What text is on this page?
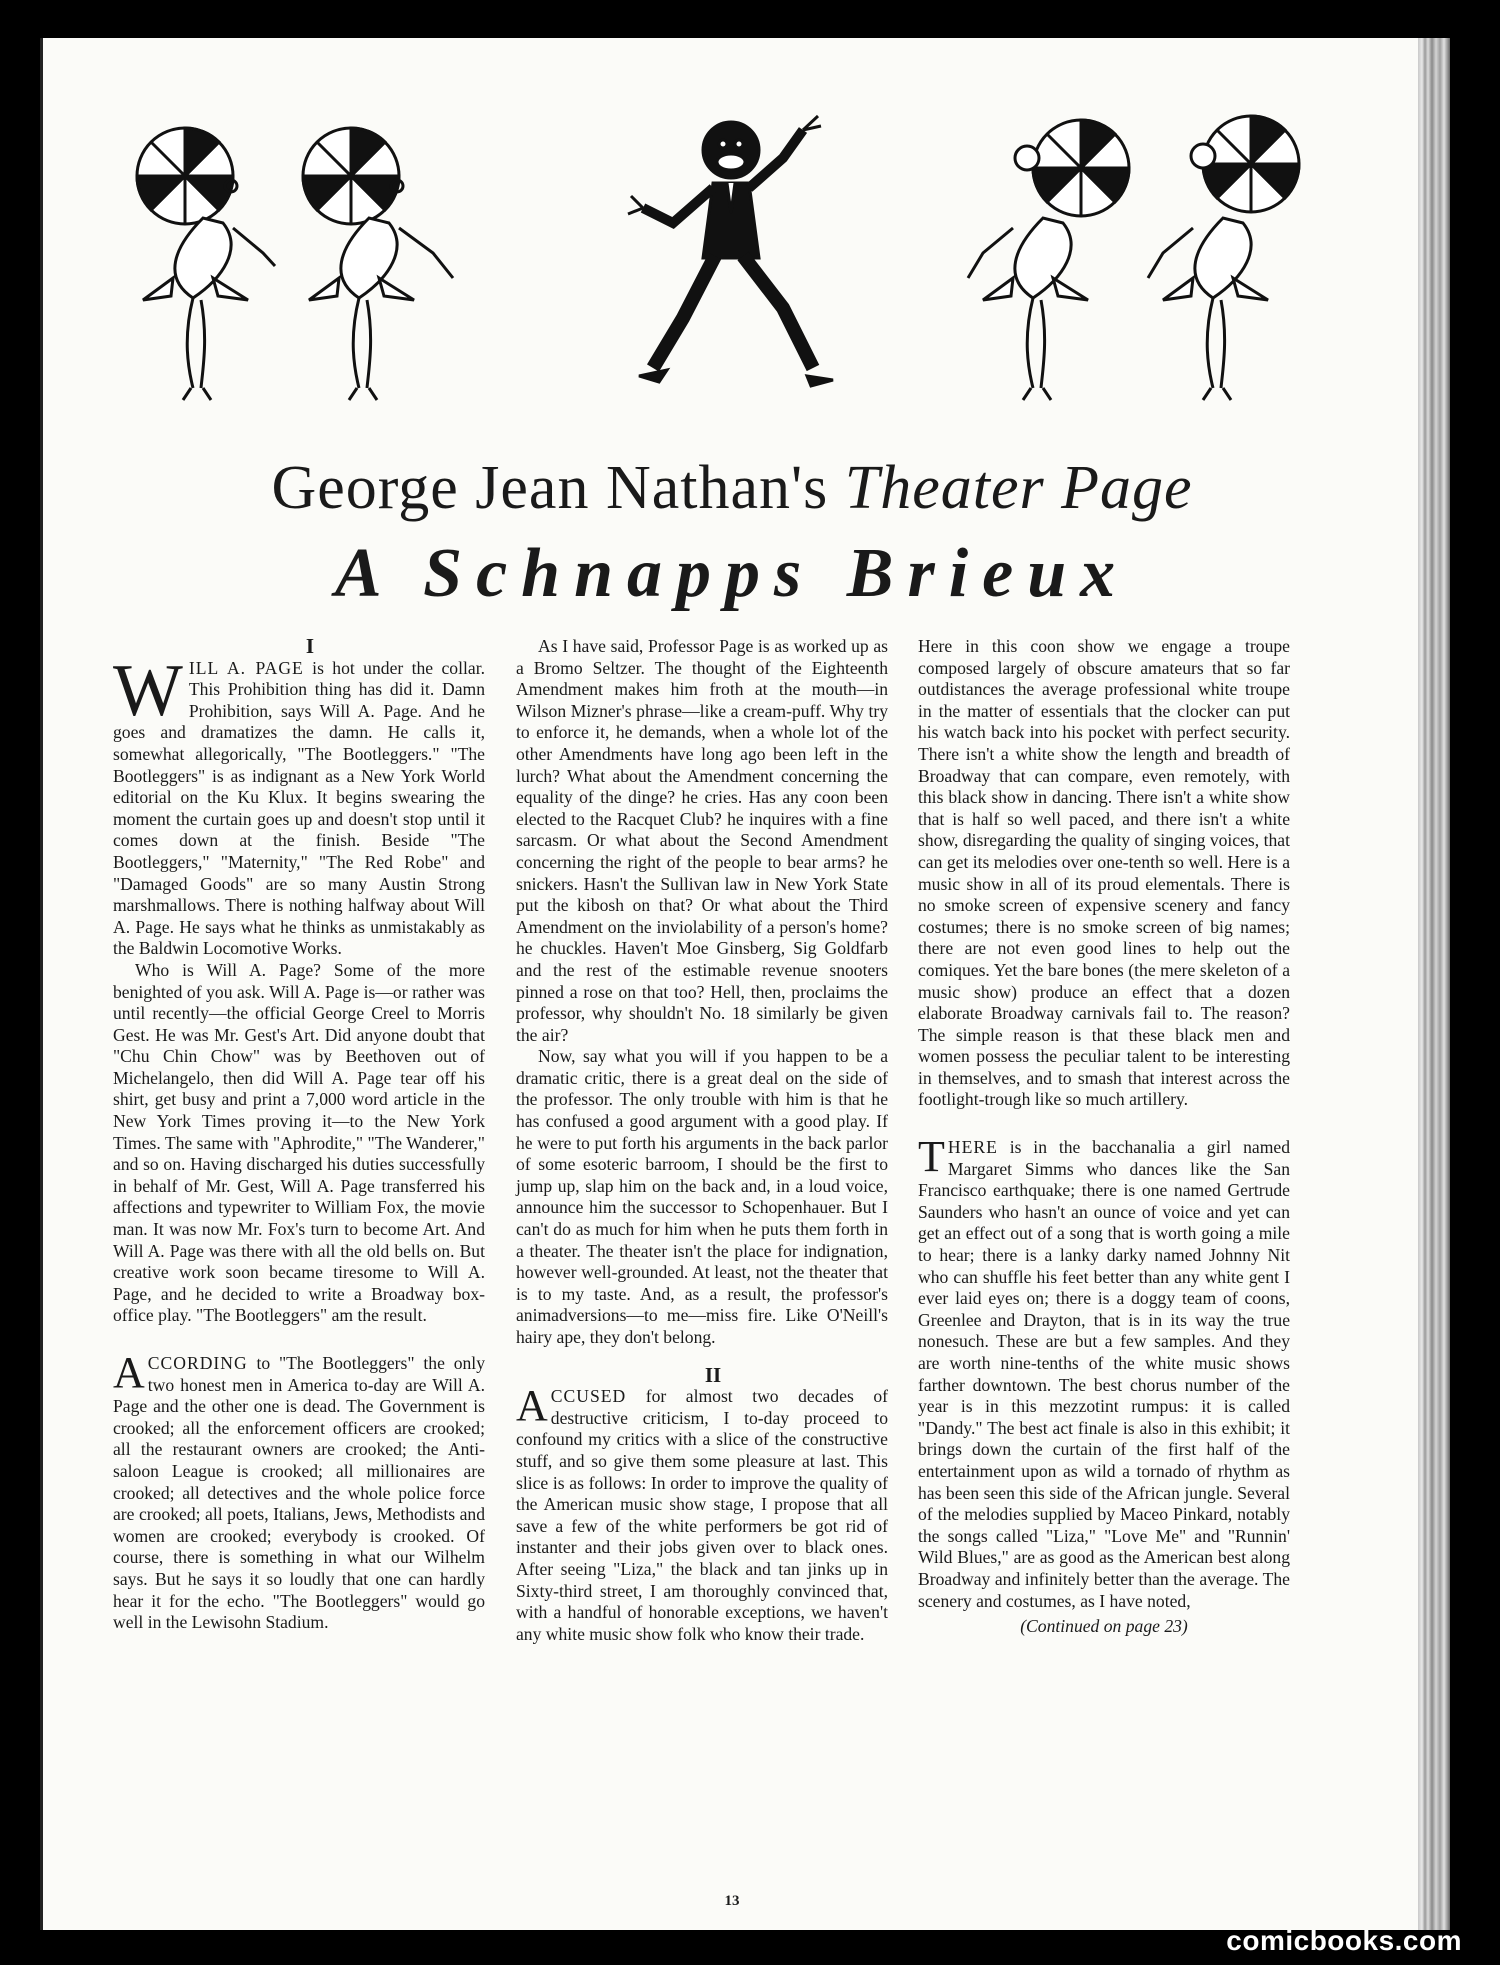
George Jean Nathan's Theater Page
A Schnapps Brieux

I

WILL A. PAGE is hot under the collar. This Prohibition thing has did it. Damn Prohibition, says Will A. Page. And he goes and dramatizes the damn. He calls it, somewhat allegorically, "The Bootleggers." "The Bootleggers" is as indignant as a New York World editorial on the Ku Klux. It begins swearing the moment the curtain goes up and doesn't stop until it comes down at the finish. Beside "The Bootleggers," "Maternity," "The Red Robe" and "Damaged Goods" are so many Austin Strong marshmallows. There is nothing halfway about Will A. Page. He says what he thinks as unmistakably as the Baldwin Locomotive Works.

Who is Will A. Page? Some of the more benighted of you ask. Will A. Page is—or rather was until recently—the official George Creel to Morris Gest. He was Mr. Gest's Art. Did anyone doubt that "Chu Chin Chow" was by Beethoven out of Michelangelo, then did Will A. Page tear off his shirt, get busy and print a 7,000 word article in the New York Times proving it—to the New York Times. The same with "Aphrodite," "The Wanderer," and so on. Having discharged his duties successfully in behalf of Mr. Gest, Will A. Page transferred his affections and typewriter to William Fox, the movie man. It was now Mr. Fox's turn to become Art. And Will A. Page was there with all the old bells on. But creative work soon became tiresome to Will A. Page, and he decided to write a Broadway box-office play. "The Bootleggers" am the result.

ACCORDING to "The Bootleggers" the only two honest men in America to-day are Will A. Page and the other one is dead. The Government is crooked; all the enforcement officers are crooked; all the restaurant owners are crooked; the Anti-saloon League is crooked; all millionaires are crooked; all detectives and the whole police force are crooked; all poets, Italians, Jews, Methodists and women are crooked; everybody is crooked. Of course, there is something in what our Wilhelm says. But he says it so loudly that one can hardly hear it for the echo. "The Bootleggers" would go well in the Lewisohn Stadium.

As I have said, Professor Page is as worked up as a Bromo Seltzer. The thought of the Eighteenth Amendment makes him froth at the mouth—in Wilson Mizner's phrase—like a cream-puff. Why try to enforce it, he demands, when a whole lot of the other Amendments have long ago been left in the lurch? What about the Amendment concerning the equality of the dinge? he cries. Has any coon been elected to the Racquet Club? he inquires with a fine sarcasm. Or what about the Second Amendment concerning the right of the people to bear arms? he snickers. Hasn't the Sullivan law in New York State put the kibosh on that? Or what about the Third Amendment on the inviolability of a person's home? he chuckles. Haven't Moe Ginsberg, Sig Goldfarb and the rest of the estimable revenue snooters pinned a rose on that too? Hell, then, proclaims the professor, why shouldn't No. 18 similarly be given the air?

Now, say what you will if you happen to be a dramatic critic, there is a great deal on the side of the professor. The only trouble with him is that he has confused a good argument with a good play. If he were to put forth his arguments in the back parlor of some esoteric barroom, I should be the first to jump up, slap him on the back and, in a loud voice, announce him the successor to Schopenhauer. But I can't do as much for him when he puts them forth in a theater. The theater isn't the place for indignation, however well-grounded. At least, not the theater that is to my taste. And, as a result, the professor's animadversions—to me—miss fire. Like O'Neill's hairy ape, they don't belong.

II

ACCUSED for almost two decades of destructive criticism, I to-day proceed to confound my critics with a slice of the constructive stuff, and so give them some pleasure at last. This slice is as follows: In order to improve the quality of the American music show stage, I propose that all save a few of the white performers be got rid of instanter and their jobs given over to black ones. After seeing "Liza," the black and tan jinks up in Sixty-third street, I am thoroughly convinced that, with a handful of honorable exceptions, we haven't any white music show folk who know their trade.

Here in this coon show we engage a troupe composed largely of obscure amateurs that so far outdistances the average professional white troupe in the matter of essentials that the clocker can put his watch back into his pocket with perfect security. There isn't a white show the length and breadth of Broadway that can compare, even remotely, with this black show in dancing. There isn't a white show that is half so well paced, and there isn't a white show, disregarding the quality of singing voices, that can get its melodies over one-tenth so well. Here is a music show in all of its proud elementals. There is no smoke screen of expensive scenery and fancy costumes; there is no smoke screen of big names; there are not even good lines to help out the comiques. Yet the bare bones (the mere skeleton of a music show) produce an effect that a dozen elaborate Broadway carnivals fail to. The reason? The simple reason is that these black men and women possess the peculiar talent to be interesting in themselves, and to smash that interest across the footlight-trough like so much artillery.

THERE is in the bacchanalia a girl named Margaret Simms who dances like the San Francisco earthquake; there is one named Gertrude Saunders who hasn't an ounce of voice and yet can get an effect out of a song that is worth going a mile to hear; there is a lanky darky named Johnny Nit who can shuffle his feet better than any white gent I ever laid eyes on; there is a doggy team of coons, Greenlee and Drayton, that is in its way the true nonesuch. These are but a few samples. And they are worth nine-tenths of the white music shows farther downtown. The best chorus number of the year is in this mezzotint rumpus: it is called "Dandy." The best act finale is also in this exhibit; it brings down the curtain of the first half of the entertainment upon as wild a tornado of rhythm as has been seen this side of the African jungle. Several of the melodies supplied by Maceo Pinkard, notably the songs called "Liza," "Love Me" and "Runnin' Wild Blues," are as good as the American best along Broadway and infinitely better than the average. The scenery and costumes, as I have noted,

(Continued on page 23)

13
comicbooks.com
